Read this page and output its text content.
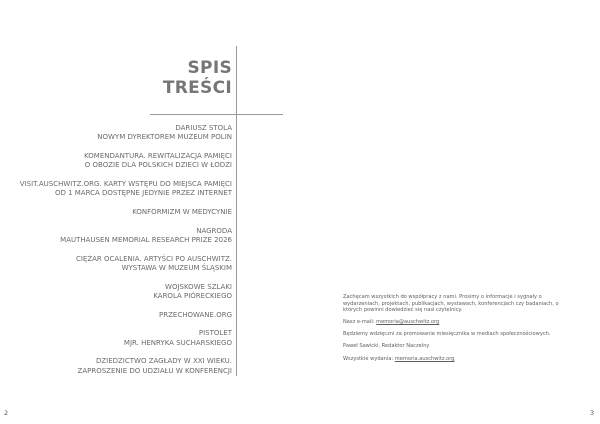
SPIS
TREŚCI
DARIUSZ STOLA
NOWYM DYREKTOREM MUZEUM POLIN
KOMENDANTURA. REWITALIZACJA PAMIĘCI
O OBOZIE DLA POLSKICH DZIECI W ŁODZI
VISIT.AUSCHWITZ.ORG. KARTY WSTĘPU DO MIEJSCA PAMIĘCI
OD 1 MARCA DOSTĘPNE JEDYNIE PRZEZ INTERNET
KONFORMIZM W MEDYCYNIE
NAGRODA
MAUTHAUSEN MEMORIAL RESEARCH PRIZE 2026
CIĘŻAR OCALENIA. ARTYŚCI PO AUSCHWITZ.
WYSTAWA W MUZEUM ŚLĄSKIM
WOJSKOWE SZLAKI
KAROLA PIÓRECKIEGO
PRZECHOWANE.ORG
PISTOLET
MJR. HENRYKA SUCHARSKIEGO
DZIEDZICTWO ZAGŁADY W XXI WIEKU.
ZAPROSZENIE DO UDZIAŁU W KONFERENCJI

Zachęcam wszystkich do współpracy z nami. Prosimy o informacje i sygnały o wydarzeniach, projektach, publikacjach, wystawach, konferencjach czy badaniach, o których powinni dowiedzieć się nasi czytelnicy.

Nasz e-mail: memoria@auschwitz.org

Będziemy wdzięczni za promowanie miesięcznika w mediach społecznościowych.

Paweł Sawicki, Redaktor Naczelny

Wszystkie wydania: memoria.auschwitz.org

2	3
